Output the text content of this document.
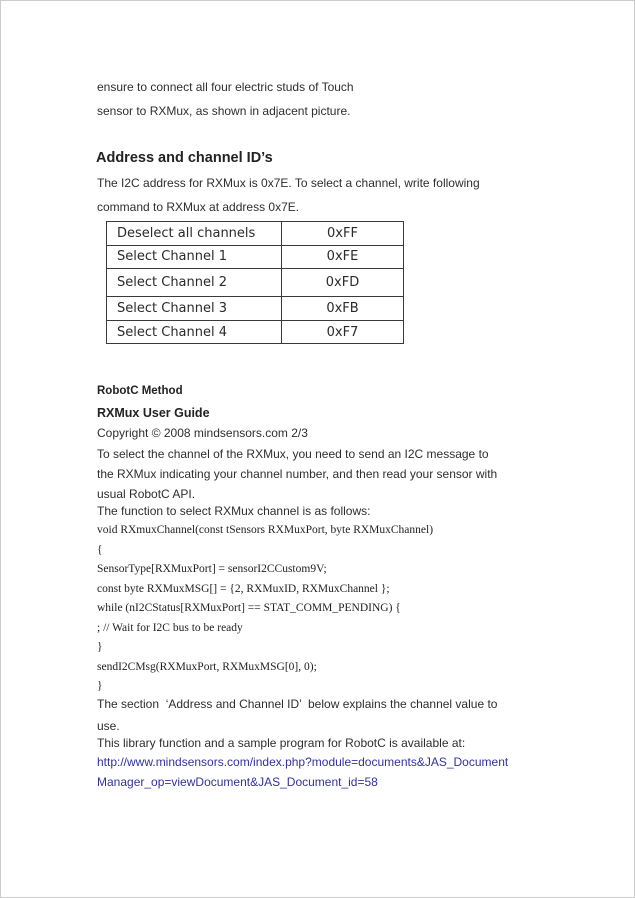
ensure to connect all four electric studs of Touch
sensor to RXMux, as shown in adjacent picture.
Address and channel ID’s
The I2C address for RXMux is 0x7E. To select a channel, write following
command to RXMux at address 0x7E.
Deselect all channels	0xFF
Select Channel 1	0xFE
Select Channel 2	0xFD
Select Channel 3	0xFB
Select Channel 4	0xF7
RobotC Method
RXMux User Guide
Copyright © 2008 mindsensors.com 2/3
To select the channel of the RXMux, you need to send an I2C message to
the RXMux indicating your channel number, and then read your sensor with
usual RobotC API.
The function to select RXMux channel is as follows:
void RXmuxChannel(const tSensors RXMuxPort, byte RXMuxChannel)
{
SensorType[RXMuxPort] = sensorI2CCustom9V;
const byte RXMuxMSG[] = {2, RXMuxID, RXMuxChannel };
while (nI2CStatus[RXMuxPort] == STAT_COMM_PENDING) {
; // Wait for I2C bus to be ready
}
sendI2CMsg(RXMuxPort, RXMuxMSG[0], 0);
}
The section  ‘Address and Channel ID’  below explains the channel value to
use.
This library function and a sample program for RobotC is available at:
http://www.mindsensors.com/index.php?module=documents&JAS_Document
Manager_op=viewDocument&JAS_Document_id=58
